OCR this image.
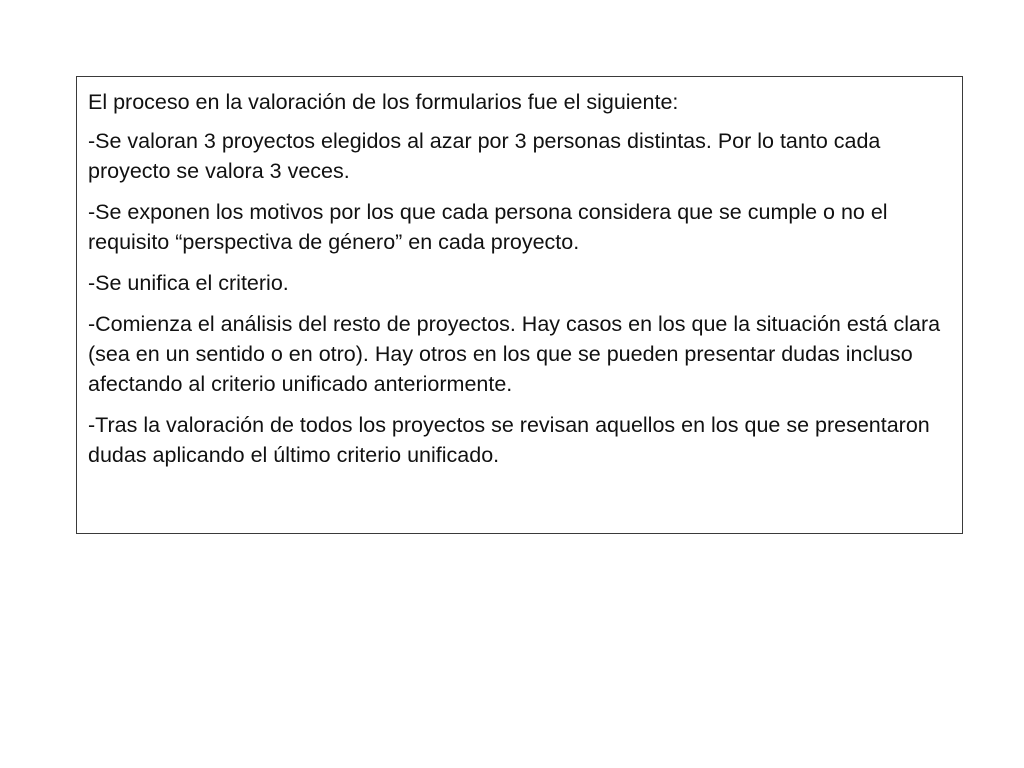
El proceso en la valoración de los formularios fue el siguiente:

-Se valoran 3 proyectos elegidos al azar por 3 personas distintas. Por lo tanto cada proyecto se valora 3 veces.

-Se exponen los motivos por los que cada persona considera que se cumple o no el requisito “perspectiva de género” en cada proyecto.

-Se unifica el criterio.

-Comienza el análisis del resto de proyectos. Hay casos en los que la situación está clara (sea en un sentido o en otro). Hay otros en los que se pueden presentar dudas incluso afectando al criterio unificado anteriormente.

-Tras la valoración de todos los proyectos se revisan aquellos en los que se presentaron dudas aplicando el último criterio unificado.
